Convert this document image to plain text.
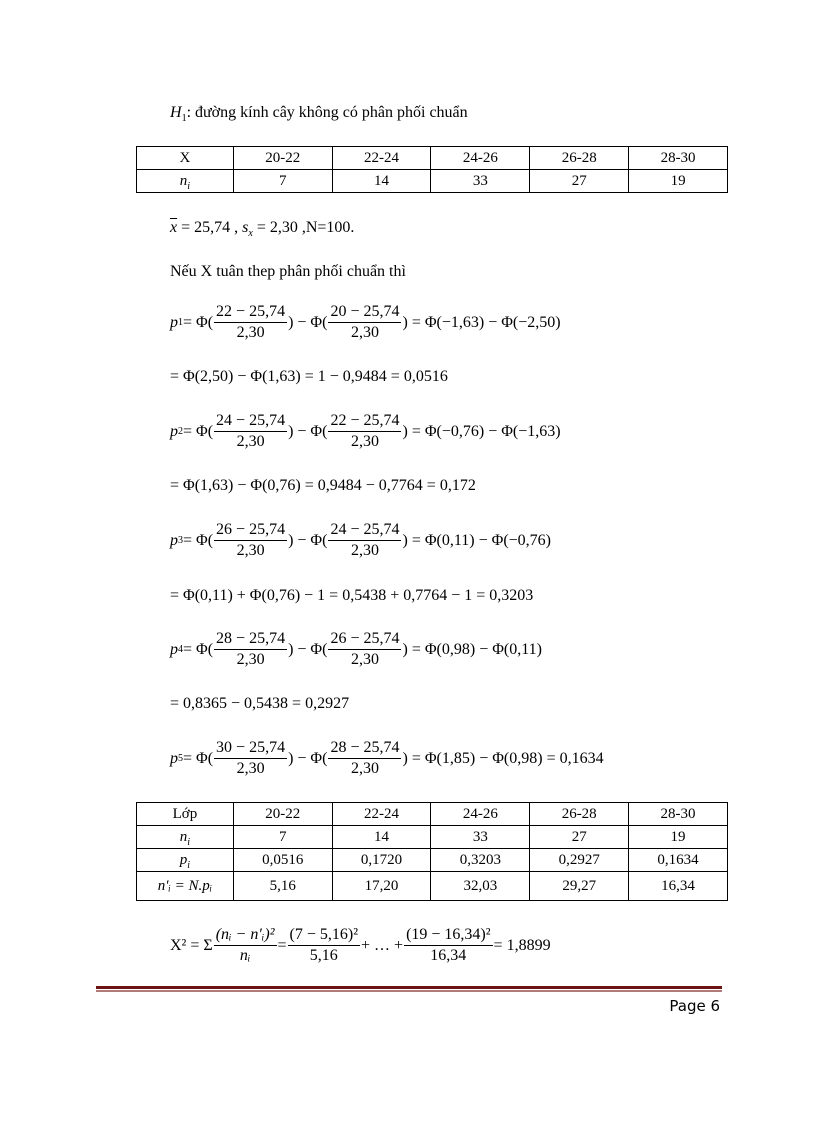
$H_1$: đường kính cây không có phân phối chuẩn
X	20-22	22-24	24-26	26-28	28-30
$n_i$	7	14	33	27	19
$\overline{x} = 25,74$ , $s_x = 2,30$ ,N=100.
Nếu X tuân thep phân phối chuẩn thì
p $1 = \Phi( \frac{22 - 25,74}{2,30}$ ) − $\Phi( \frac{20 - 25,74}{2,30}$ ) = Φ(−1,63) − Φ(−2,50)
= Φ(2,50) − Φ(1,63) = 1 − 0,9484 = 0,0516
p $2 = \Phi( \frac{24 - 25,74}{2,30}$ ) − $\Phi( \frac{22 - 25,74}{2,30}$ ) = Φ(−0,76) − Φ(−1,63)
= Φ(1,63) − Φ(0,76) = 0,9484 − 0,7764 = 0,172
p $3 = \Phi( \frac{26 - 25,74}{2,30}$ ) − $\Phi( \frac{24 - 25,74}{2,30}$ ) = Φ(0,11) − Φ(−0,76)
= Φ(0,11) + Φ(0,76) − 1 = 0,5438 + 0,7764 − 1 = 0,3203
p $4 = \Phi( \frac{28 - 25,74}{2,30}$ ) − $\Phi( \frac{26 - 25,74}{2,30}$ ) = Φ(0,98) − Φ(0,11)
= 0,8365 − 0,5438 = 0,2927
p $5 = \Phi( \frac{30 - 25,74}{2,30}$ ) − $\Phi( \frac{28 - 25,74}{2,30}$ ) = Φ(1,85) − Φ(0,98) = 0,1634
Lớp	20-22	22-24	24-26	26-28	28-30
$n_i$	7	14	33	27	19
$p_i$	0,0516	0,1720	0,3203	0,2927	0,1634
n′ᵢ = N.pᵢ	5,16	17,20	32,03	29,27	16,34
X² = Σ $\frac{\text{(nᵢ − n′ᵢ)²}}{\text{nᵢ}} = \frac{\text{(7 − 5,16)²}}{5,16}$ + … + $\frac{\text{(19 − 16,34)²}}{16,34} = 1,8899$
Page 6
